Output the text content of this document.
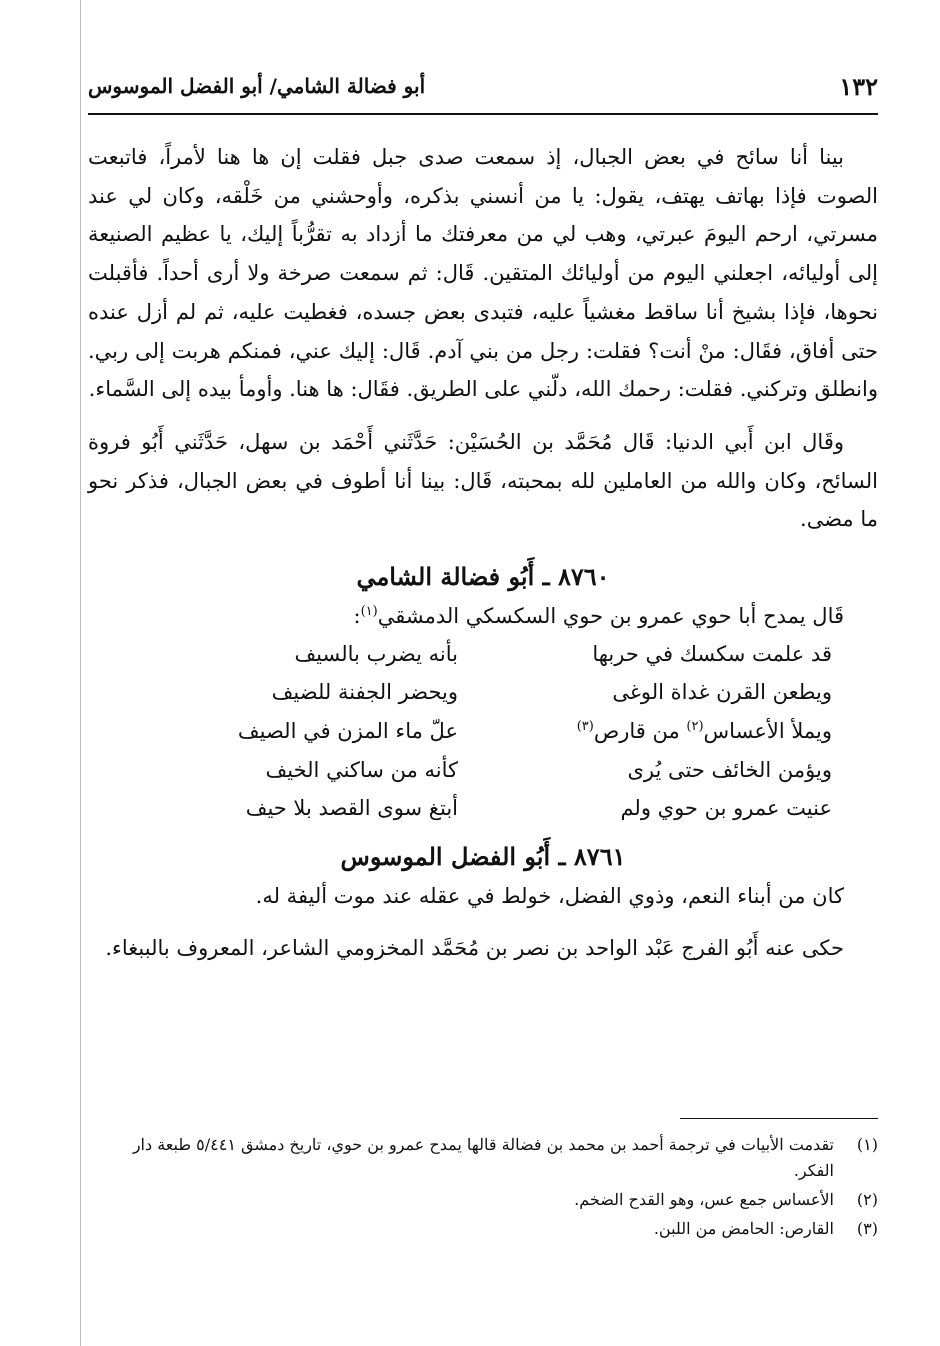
١٣٢
أبو فضالة الشامي/ أبو الفضل الموسوس

بينا أنا سائح في بعض الجبال، إذ سمعت صدى جبل فقلت إن ها هنا لأمراً، فاتبعت الصوت فإذا بهاتف يهتف، يقول: يا من أنسني بذكره، وأوحشني من خَلْقه، وكان لي عند مسرتي، ارحم اليومَ عبرتي، وهب لي من معرفتك ما أزداد به تقرُّباً إليك، يا عظيم الصنيعة إلى أوليائه، اجعلني اليوم من أوليائك المتقين. قَال: ثم سمعت صرخة ولا أرى أحداً. فأقبلت نحوها، فإذا بشيخ أنا ساقط مغشياً عليه، فتبدى بعض جسده، فغطيت عليه، ثم لم أزل عنده حتى أفاق، فقَال: منْ أنت؟ فقلت: رجل من بني آدم. قَال: إليك عني، فمنكم هربت إلى ربي. وانطلق وتركني. فقلت: رحمك الله، دلّني على الطريق. فقَال: ها هنا. وأومأ بيده إلى السَّماء.

وقَال ابن أَبي الدنيا: قَال مُحَمَّد بن الحُسَيْن: حَدَّثَني أَحْمَد بن سهل، حَدَّثَني أَبُو فروة السائح، وكان والله من العاملين لله بمحبته، قَال: بينا أنا أطوف في بعض الجبال، فذكر نحو ما مضى.

٨٧٦٠ ـ أَبُو فضالة الشامي

قَال يمدح أبا حوي عمرو بن حوي السكسكي الدمشقي$^{(١)}$:

قد علمت سكسك في حربها
بأنه يضرب بالسيف
ويطعن القرن غداة الوغى
ويحضر الجفنة للضيف
ويملأ الأعساس$^{(٢)}$ من قارص$^{(٣)}$
علّ ماء المزن في الصيف
ويؤمن الخائف حتى يُرى
كأنه من ساكني الخيف
عنيت عمرو بن حوي ولم
أبتغ سوى القصد بلا حيف
٨٧٦١ ـ أَبُو الفضل الموسوس

كان من أبناء النعم، وذوي الفضل، خولط في عقله عند موت أليفة له.

حكى عنه أَبُو الفرج عَبْد الواحد بن نصر بن مُحَمَّد المخزومي الشاعر، المعروف بالببغاء.

(١)
تقدمت الأبيات في ترجمة أحمد بن محمد بن فضالة قالها يمدح عمرو بن حوي، تاريخ دمشق ٥/٤٤١ طبعة دار الفكر.
(٢)
الأعساس جمع عس، وهو القدح الضخم.
(٣)
القارص: الحامض من اللبن.
